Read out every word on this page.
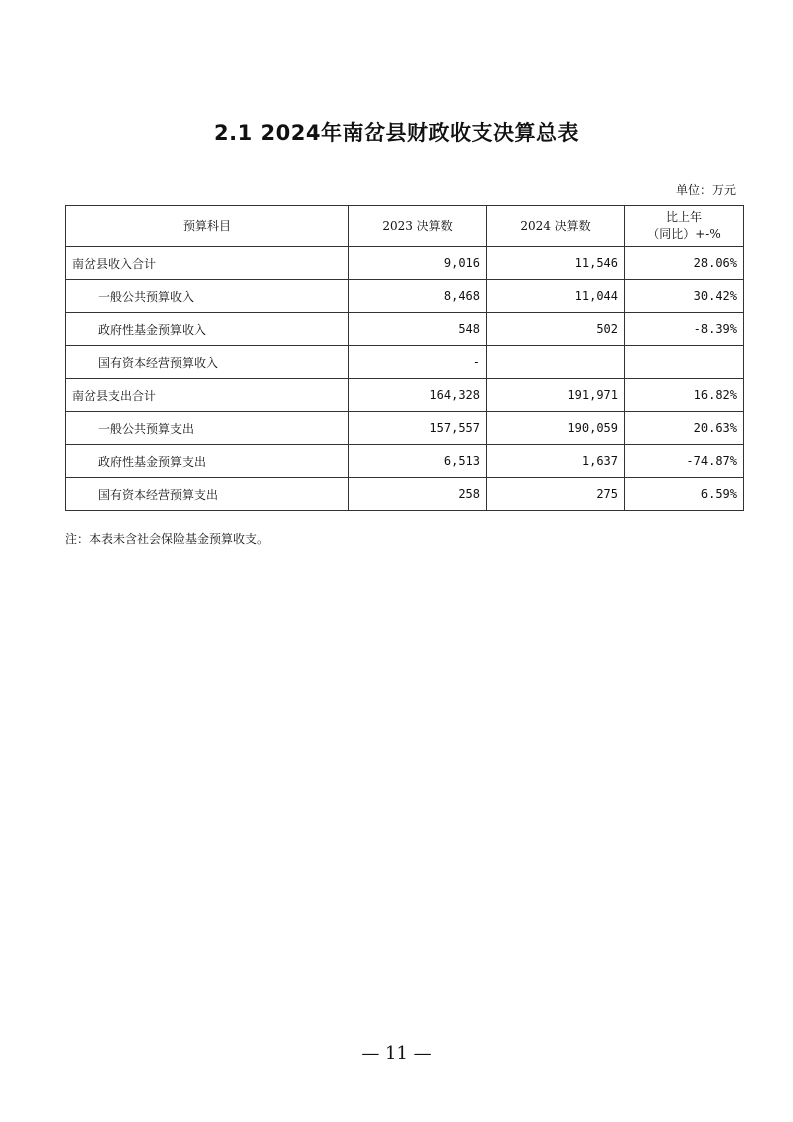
2.1 2024年南岔县财政收支决算总表
单位：万元
预算科目	2023 决算数	2024 决算数	比上年
（同比）+-%
南岔县收入合计	9,016	11,546	28.06%
一般公共预算收入	8,468	11,044	30.42%
政府性基金预算收入	548	502	-8.39%
国有资本经营预算收入	-		
南岔县支出合计	164,328	191,971	16.82%
一般公共预算支出	157,557	190,059	20.63%
政府性基金预算支出	6,513	1,637	-74.87%
国有资本经营预算支出	258	275	6.59%
注：本表未含社会保险基金预算收支。
— 11 —
